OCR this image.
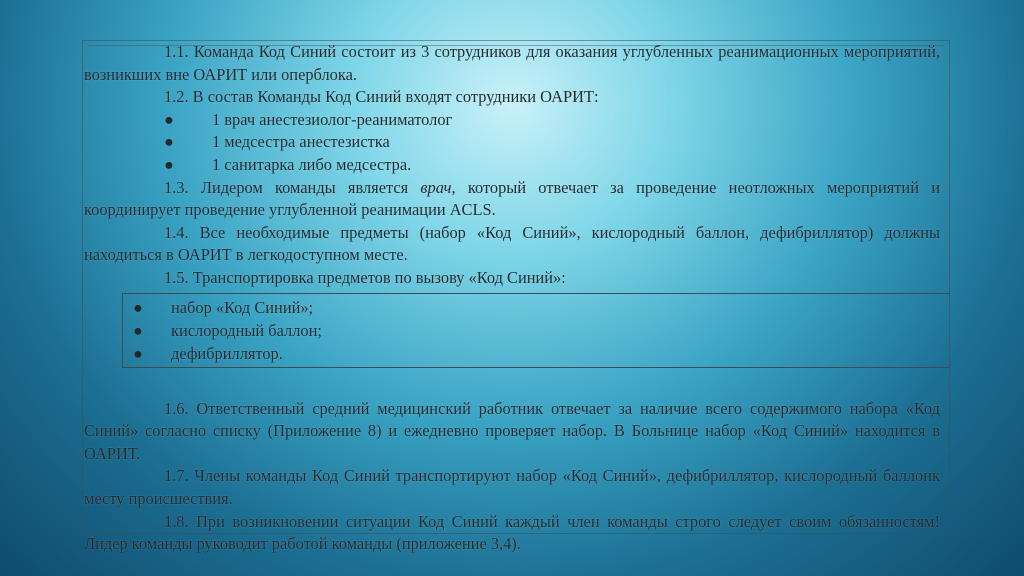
1.1. Команда Код Синий состоит из 3 сотрудников для оказания углубленных реанимационных мероприятий, возникших вне ОАРИТ или оперблока.
1.2. В состав Команды Код Синий входят сотрудники ОАРИТ:
● 1 врач анестезиолог-реаниматолог
● 1 медсестра анестезистка
● 1 санитарка либо медсестра.
1.3. Лидером команды является врач, который отвечает за проведение неотложных мероприятий и координирует проведение углубленной реанимации ACLS.
1.4. Все необходимые предметы (набор «Код Синий», кислородный баллон, дефибриллятор) должны находиться в ОАРИТ в легкодоступном месте.
1.5. Транспортировка предметов по вызову «Код Синий»:
● набор «Код Синий»;
● кислородный баллон;
● дефибриллятор.
1.6. Ответственный средний медицинский работник отвечает за наличие всего содержимого набора «Код Синий» согласно списку (Приложение 8) и ежедневно проверяет набор. В Больнице набор «Код Синий» находится в ОАРИТ.
1.7. Члены команды Код Синий транспортируют набор «Код Синий», дефибриллятор, кислородный баллонк месту происшествия.
1.8. При возникновении ситуации Код Синий каждый член команды строго следует своим обязанностям! Лидер команды руководит работой команды (приложение 3,4).
